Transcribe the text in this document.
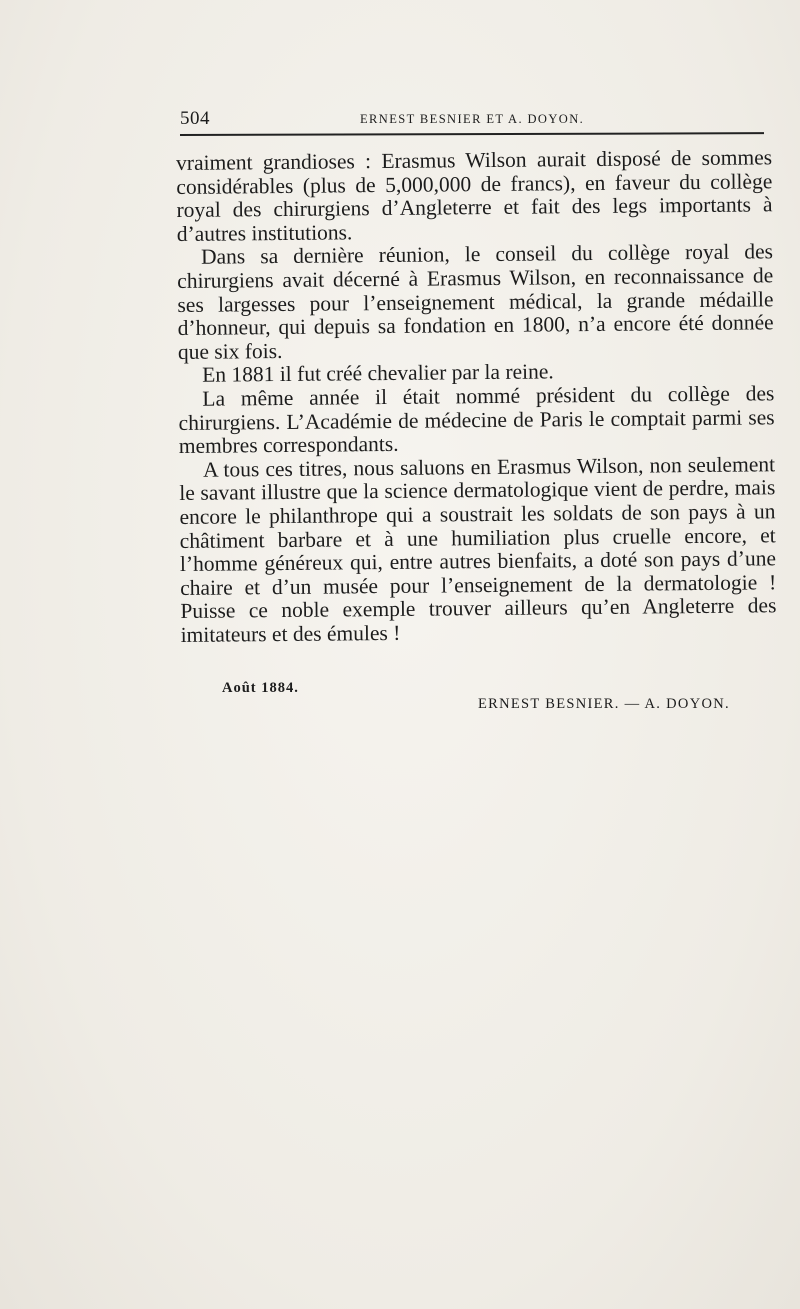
504	ERNEST BESNIER ET A. DOYON.

vraiment grandioses : Erasmus Wilson aurait disposé de sommes considérables (plus de 5,000,000 de francs), en faveur du collège royal des chirurgiens d’Angleterre et fait des legs importants à d’autres institutions.

Dans sa dernière réunion, le conseil du collège royal des chirurgiens avait décerné à Erasmus Wilson, en reconnaissance de ses largesses pour l’enseignement médical, la grande médaille d’honneur, qui depuis sa fondation en 1800, n’a encore été donnée que six fois.

En 1881 il fut créé chevalier par la reine.

La même année il était nommé président du collège des chirurgiens. L’Académie de médecine de Paris le comptait parmi ses membres correspondants.

A tous ces titres, nous saluons en Erasmus Wilson, non seulement le savant illustre que la science dermatologique vient de perdre, mais encore le philanthrope qui a soustrait les soldats de son pays à un châtiment barbare et à une humiliation plus cruelle encore, et l’homme généreux qui, entre autres bienfaits, a doté son pays d’une chaire et d’un musée pour l’enseignement de la dermatologie ! Puisse ce noble exemple trouver ailleurs qu’en Angleterre des imitateurs et des émules !

Août 1884.
ERNEST BESNIER. — A. DOYON.
